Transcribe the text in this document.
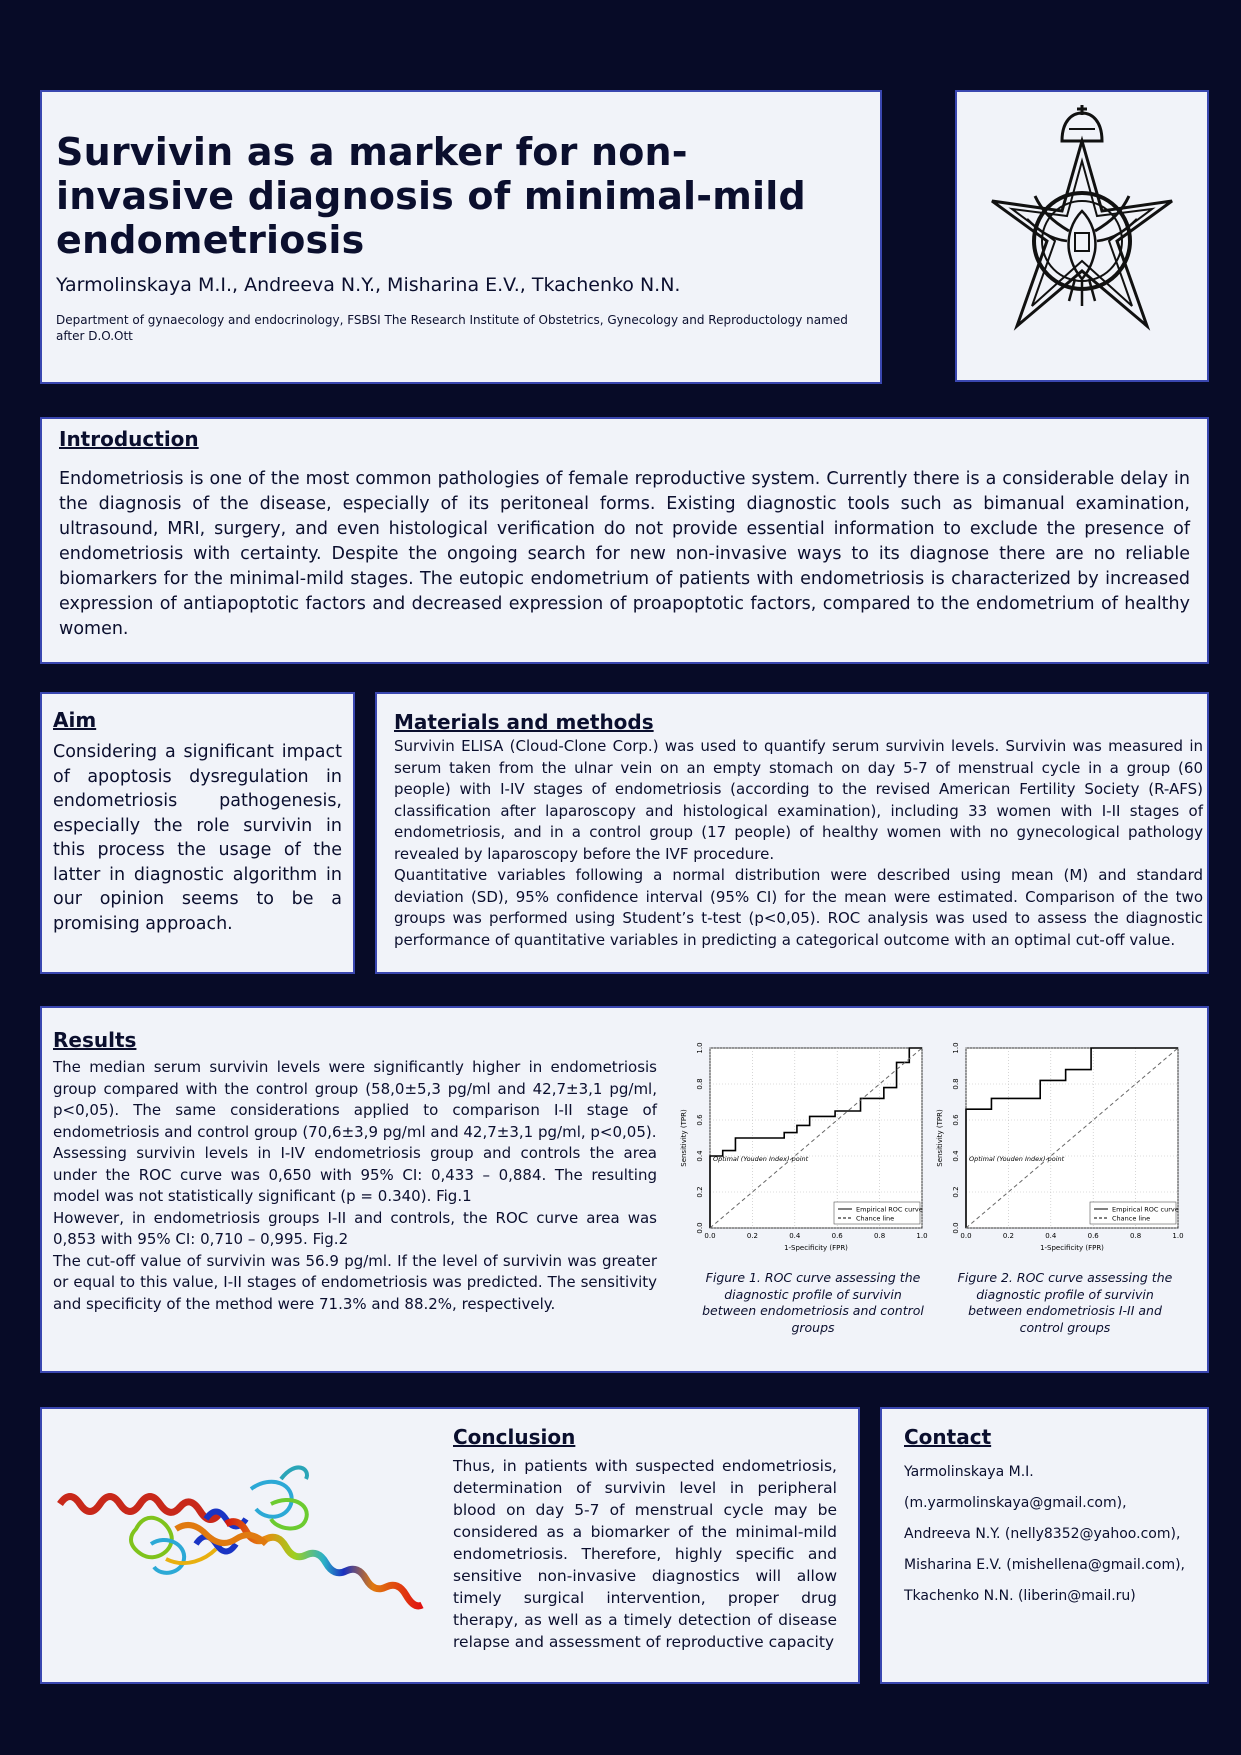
Survivin as a marker for non-invasive diagnosis of minimal-mild endometriosis
Yarmolinskaya M.I., Andreeva N.Y., Misharina E.V., Tkachenko N.N.
Department of gynaecology and endocrinology, FSBSI The Research Institute of Obstetrics, Gynecology and Reproductology named after D.O.Ott
Introduction
Endometriosis is one of the most common pathologies of female reproductive system. Currently there is a considerable delay in the diagnosis of the disease, especially of its peritoneal forms. Existing diagnostic tools such as bimanual examination, ultrasound, MRI, surgery, and even histological verification do not provide essential information to exclude the presence of endometriosis with certainty. Despite the ongoing search for new non-invasive ways to its diagnose there are no reliable biomarkers for the minimal-mild stages. The eutopic endometrium of patients with endometriosis is characterized by increased expression of antiapoptotic factors and decreased expression of proapoptotic factors, compared to the endometrium of healthy women.
Aim
Considering a significant impact of apoptosis dysregulation in endometriosis pathogenesis, especially the role survivin in this process the usage of the latter in diagnostic algorithm in our opinion seems to be a promising approach.
Materials and methods

Survivin ELISA (Cloud-Clone Corp.) was used to quantify serum survivin levels. Survivin was measured in serum taken from the ulnar vein on an empty stomach on day 5-7 of menstrual cycle in a group (60 people) with I-IV stages of endometriosis (according to the revised American Fertility Society (R-AFS) classification after laparoscopy and histological examination), including 33 women with I-II stages of endometriosis, and in a control group (17 people) of healthy women with no gynecological pathology revealed by laparoscopy before the IVF procedure.

Quantitative variables following a normal distribution were described using mean (M) and standard deviation (SD), 95% confidence interval (95% CI) for the mean were estimated. Comparison of the two groups was performed using Student’s t-test (p<0,05). ROC analysis was used to assess the diagnostic performance of quantitative variables in predicting a categorical outcome with an optimal cut-off value.

Results

The median serum survivin levels were significantly higher in endometriosis group compared with the control group (58,0±5,3 pg/ml and 42,7±3,1 pg/ml, p<0,05). The same considerations applied to comparison I-II stage of endometriosis and control group (70,6±3,9 pg/ml and 42,7±3,1 pg/ml, p<0,05).

Assessing survivin levels in I-IV endometriosis group and controls the area under the ROC curve was 0,650 with 95% CI: 0,433 – 0,884. The resulting model was not statistically significant (p = 0.340). Fig.1

However, in endometriosis groups I-II and controls, the ROC curve area was 0,853 with 95% CI: 0,710 – 0,995. Fig.2

The cut-off value of survivin was 56.9 pg/ml. If the level of survivin was greater or equal to this value, I-II stages of endometriosis was predicted. The sensitivity and specificity of the method were 71.3% and 88.2%, respectively.

0.0	0.2	0.4	0.6	0.8	1.0
0.0
0.2
0.4
0.6
0.8
1.0
1-Specificity (FPR)
Sensitivity (TPR)	Optimal (Youden Index) point
Empirical ROC curve
Chance line
Figure 1. ROC curve assessing the diagnostic profile of survivin between endometriosis and control groups
0.0	0.2	0.4	0.6	0.8	1.0
0.0
0.2
0.4
0.6
0.8
1.0
1-Specificity (FPR)
Sensitivity (TPR)	Optimal (Youden Index) point
Empirical ROC curve
Chance line
Figure 2. ROC curve assessing the diagnostic profile of survivin between endometriosis I-II and control groups
Conclusion
Thus, in patients with suspected endometriosis, determination of survivin level in peripheral blood on day 5-7 of menstrual cycle may be considered as a biomarker of the minimal-mild endometriosis. Therefore, highly specific and sensitive non-invasive diagnostics will allow timely surgical intervention, proper drug therapy, as well as a timely detection of disease relapse and assessment of reproductive capacity
Contact
Yarmolinskaya M.I.
(m.yarmolinskaya@gmail.com),
Andreeva N.Y. (nelly8352@yahoo.com),
Misharina E.V. (mishellena@gmail.com),
Tkachenko N.N. (liberin@mail.ru)
